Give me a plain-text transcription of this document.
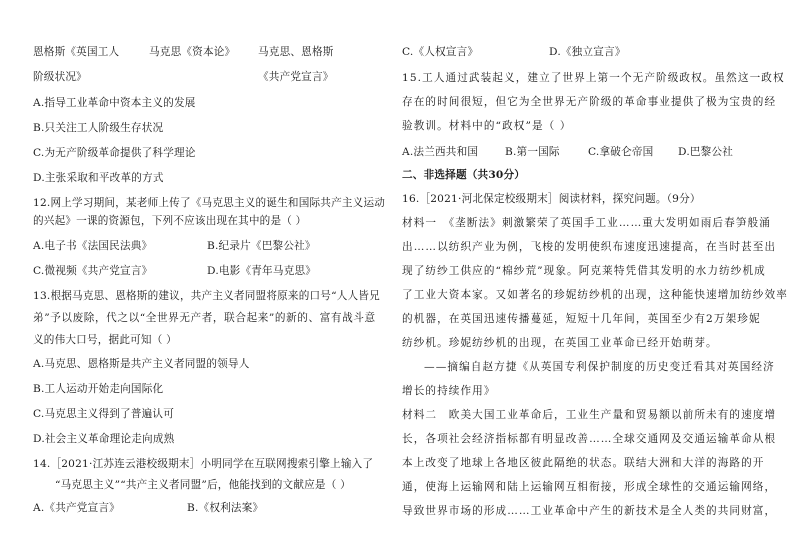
恩格斯《英国工人	马克思《资本论》 马克思、恩格斯
阶级状况》	《共产党宣言》
A.指导工业革命中资本主义的发展
B.只关注工人阶级生存状况
C.为无产阶级革命提供了科学理论
D.主张采取和平改革的方式
12.网上学习期间，某老师上传了《马克思主义的诞生和国际共产主义运动
的兴起》一课的资源包，下列不应该出现在其中的是（ ）
A.电子书《法国民法典》	B.纪录片《巴黎公社》
C.微视频《共产党宣言》	D.电影《青年马克思》
13.根据马克思、恩格斯的建议，共产主义者同盟将原来的口号“人人皆兄
弟”予以废除，代之以“全世界无产者，联合起来”的新的、富有战斗意
义的伟大口号，据此可知（ ）
A.马克思、恩格斯是共产主义者同盟的领导人
B.工人运动开始走向国际化
C.马克思主义得到了普遍认可
D.社会主义革命理论走向成熟
14.［2021·江苏连云港校级期末］小明同学在互联网搜索引擎上输入了
“马克思主义”“共产主义者同盟”后，他能找到的文献应是（ ）
A.《共产党宣言》	B.《权利法案》
C.《人权宣言》	D.《独立宣言》
15.工人通过武装起义，建立了世界上第一个无产阶级政权。虽然这一政权
存在的时间很短，但它为全世界无产阶级的革命事业提供了极为宝贵的经
验教训。材料中的“政权”是（ ）
A.法兰西共和国	B.第一国际	C.拿破仑帝国 D.巴黎公社
二、非选择题（共30分）
16.［2021·河北保定校级期末］阅读材料，探究问题。（9分）
材料一　《垄断法》刺激繁荣了英国手工业……重大发明如雨后春笋般涌
出……以纺织产业为例，飞梭的发明使织布速度迅速提高，在当时甚至出
现了纺纱工供应的“棉纱荒”现象。阿克莱特凭借其发明的水力纺纱机成
了工业大资本家。又如著名的珍妮纺纱机的出现，这种能快速增加纺纱效率
的机器，在英国迅速传播蔓延，短短十几年间，英国至少有2万架珍妮
纺纱机。珍妮纺纱机的出现，在英国工业革命已经开始萌芽。
——摘编自赵方捷《从英国专利保护制度的历史变迁看其对英国经济
增长的持续作用》
材料二　欧美大国工业革命后，工业生产量和贸易额以前所未有的速度增
长，各项社会经济指标都有明显改善……全球交通网及交通运输革命从根
本上改变了地球上各地区彼此隔绝的状态。联结大洲和大洋的海路的开
通，使海上运输网和陆上运输网互相衔接，形成全球性的交通运输网络，
导致世界市场的形成……工业革命中产生的新技术是全人类的共同财富，
